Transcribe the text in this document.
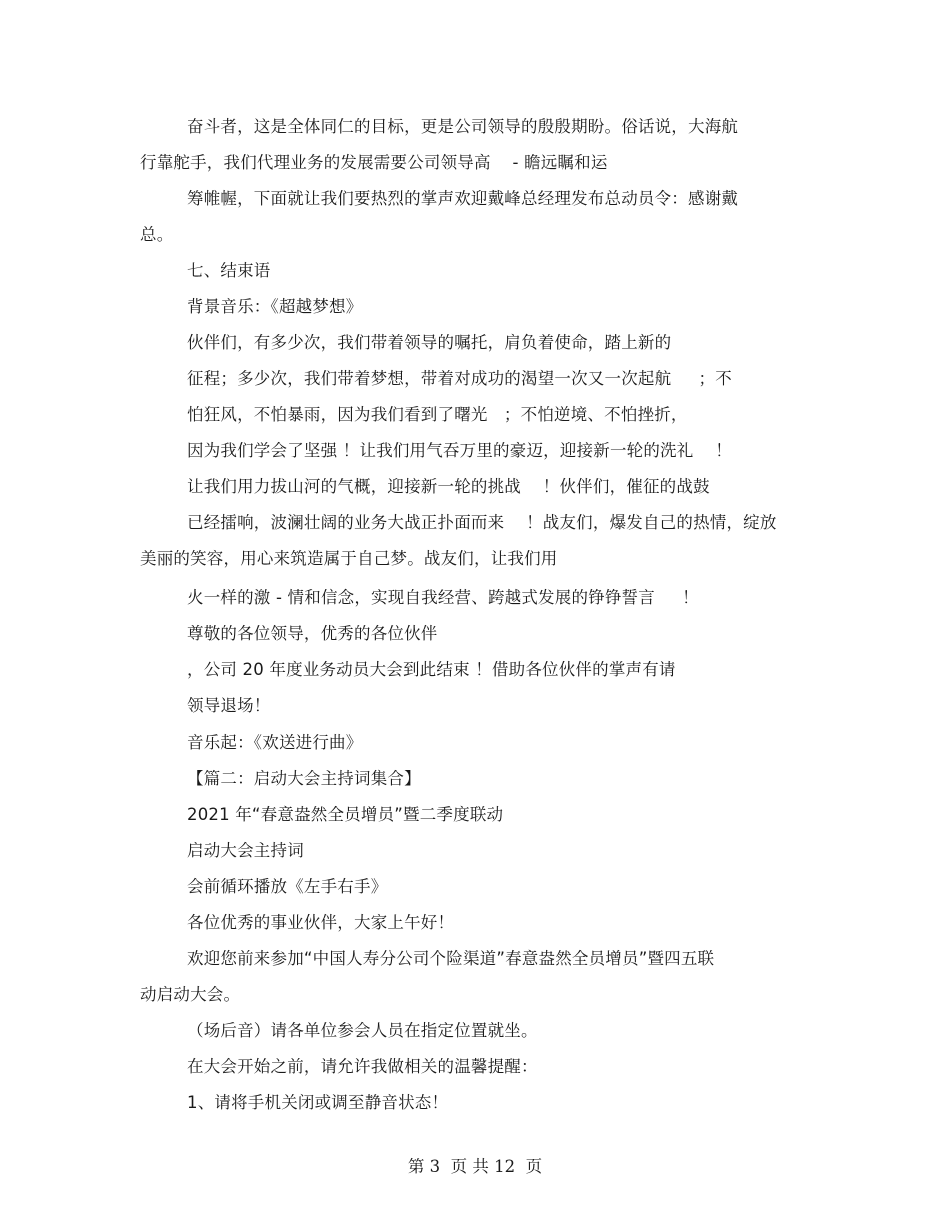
奋斗者，这是全体同仁的目标，更是公司领导的殷殷期盼。俗话说，大海航
行靠舵手，我们代理业务的发展需要公司领导高    - 瞻远瞩和运
筹帷幄，下面就让我们要热烈的掌声欢迎戴峰总经理发布总动员令：感谢戴
总。
七、结束语
背景音乐：《超越梦想》
伙伴们，有多少次，我们带着领导的嘱托，肩负着使命，踏上新的
征程；多少次，我们带着梦想，带着对成功的渴望一次又一次起航     ；不
怕狂风，不怕暴雨，因为我们看到了曙光   ；不怕逆境、不怕挫折，
因为我们学会了坚强 ！让我们用气吞万里的豪迈，迎接新一轮的洗礼    ！
让我们用力拔山河的气概，迎接新一轮的挑战    ！伙伴们，催征的战鼓
已经擂响，波澜壮阔的业务大战正扑面而来    ！战友们，爆发自己的热情，绽放
美丽的笑容，用心来筑造属于自己梦。战友们，让我们用
火一样的激 - 情和信念，实现自我经营、跨越式发展的铮铮誓言     ！
尊敬的各位领导，优秀的各位伙伴
，公司 20 年度业务动员大会到此结束 ！借助各位伙伴的掌声有请
领导退场！
音乐起：《欢送进行曲》
【篇二：启动大会主持词集合】
2021 年“春意盎然全员增员”暨二季度联动
启动大会主持词
会前循环播放《左手右手》
各位优秀的事业伙伴，大家上午好！
欢迎您前来参加“中国人寿分公司个险渠道”春意盎然全员增员”暨四五联
动启动大会。
（场后音）请各单位参会人员在指定位置就坐。
在大会开始之前，请允许我做相关的温馨提醒：
1、请将手机关闭或调至静音状态！
第 3  页 共 12  页
